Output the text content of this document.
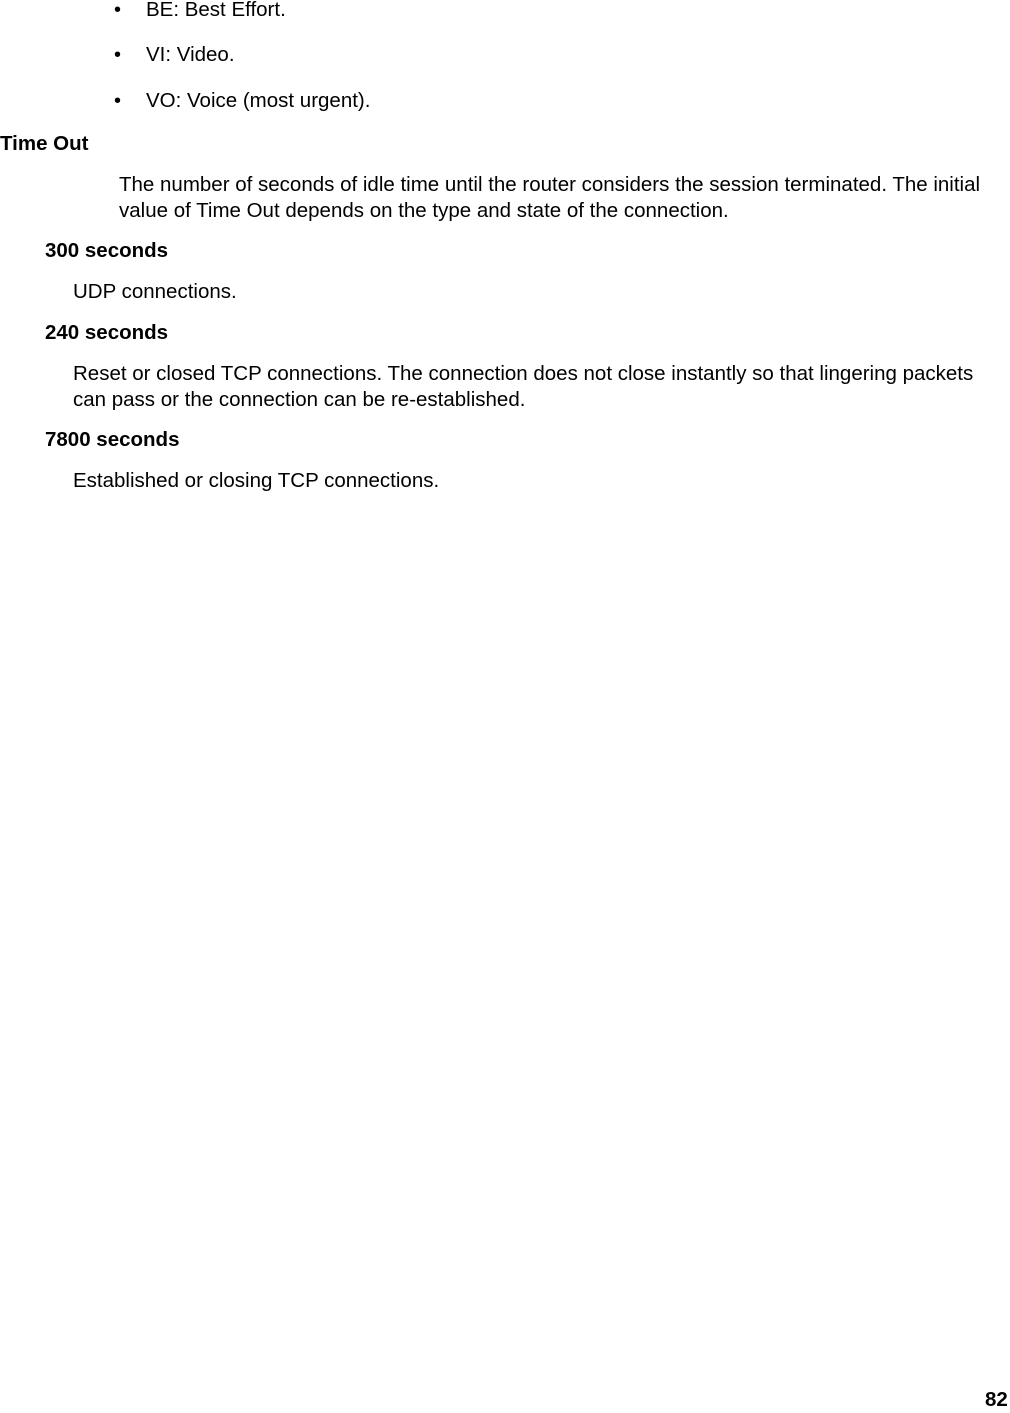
• BE: Best Effort.
• VI: Video.
• VO: Voice (most urgent).
Time Out
The number of seconds of idle time until the router considers the session terminated. The initial value of Time Out depends on the type and state of the connection.
300 seconds
UDP connections.
240 seconds
Reset or closed TCP connections. The connection does not close instantly so that lingering packets can pass or the connection can be re-established.
7800 seconds
Established or closing TCP connections.
82
